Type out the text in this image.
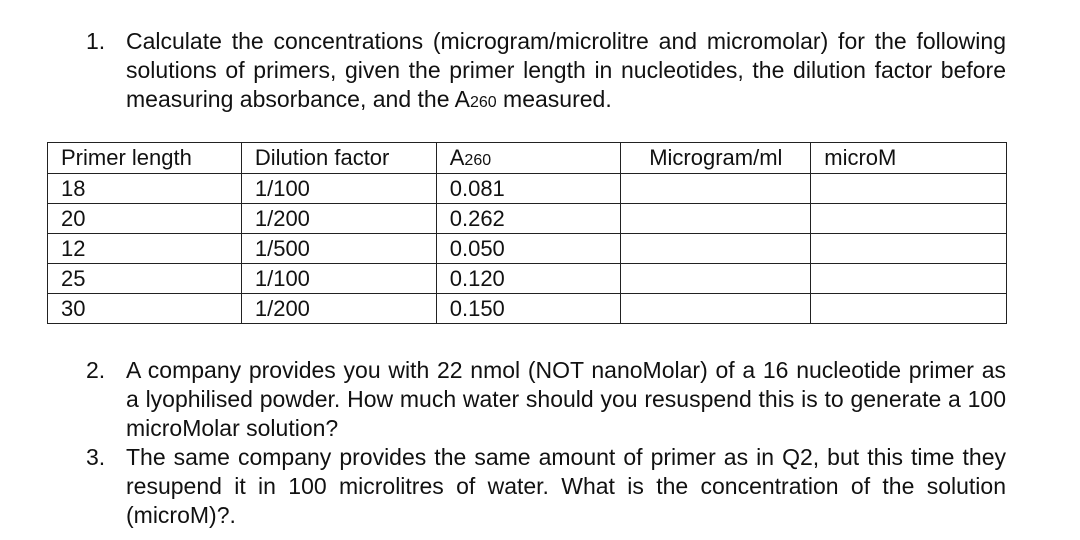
1. Calculate the concentrations (microgram/microlitre and micromolar) for the following solutions of primers, given the primer length in nucleotides, the dilution factor before measuring absorbance, and the A260 measured.
Primer length	Dilution factor	A260	Microgram/ml	microM
18	1/100	0.081		
20	1/200	0.262		
12	1/500	0.050		
25	1/100	0.120		
30	1/200	0.150		
2. A company provides you with 22 nmol (NOT nanoMolar) of a 16 nucleotide primer as a lyophilised powder. How much water should you resuspend this is to generate a 100 microMolar solution?
3. The same company provides the same amount of primer as in Q2, but this time they resupend it in 100 microlitres of water. What is the concentration of the solution (microM)?.
